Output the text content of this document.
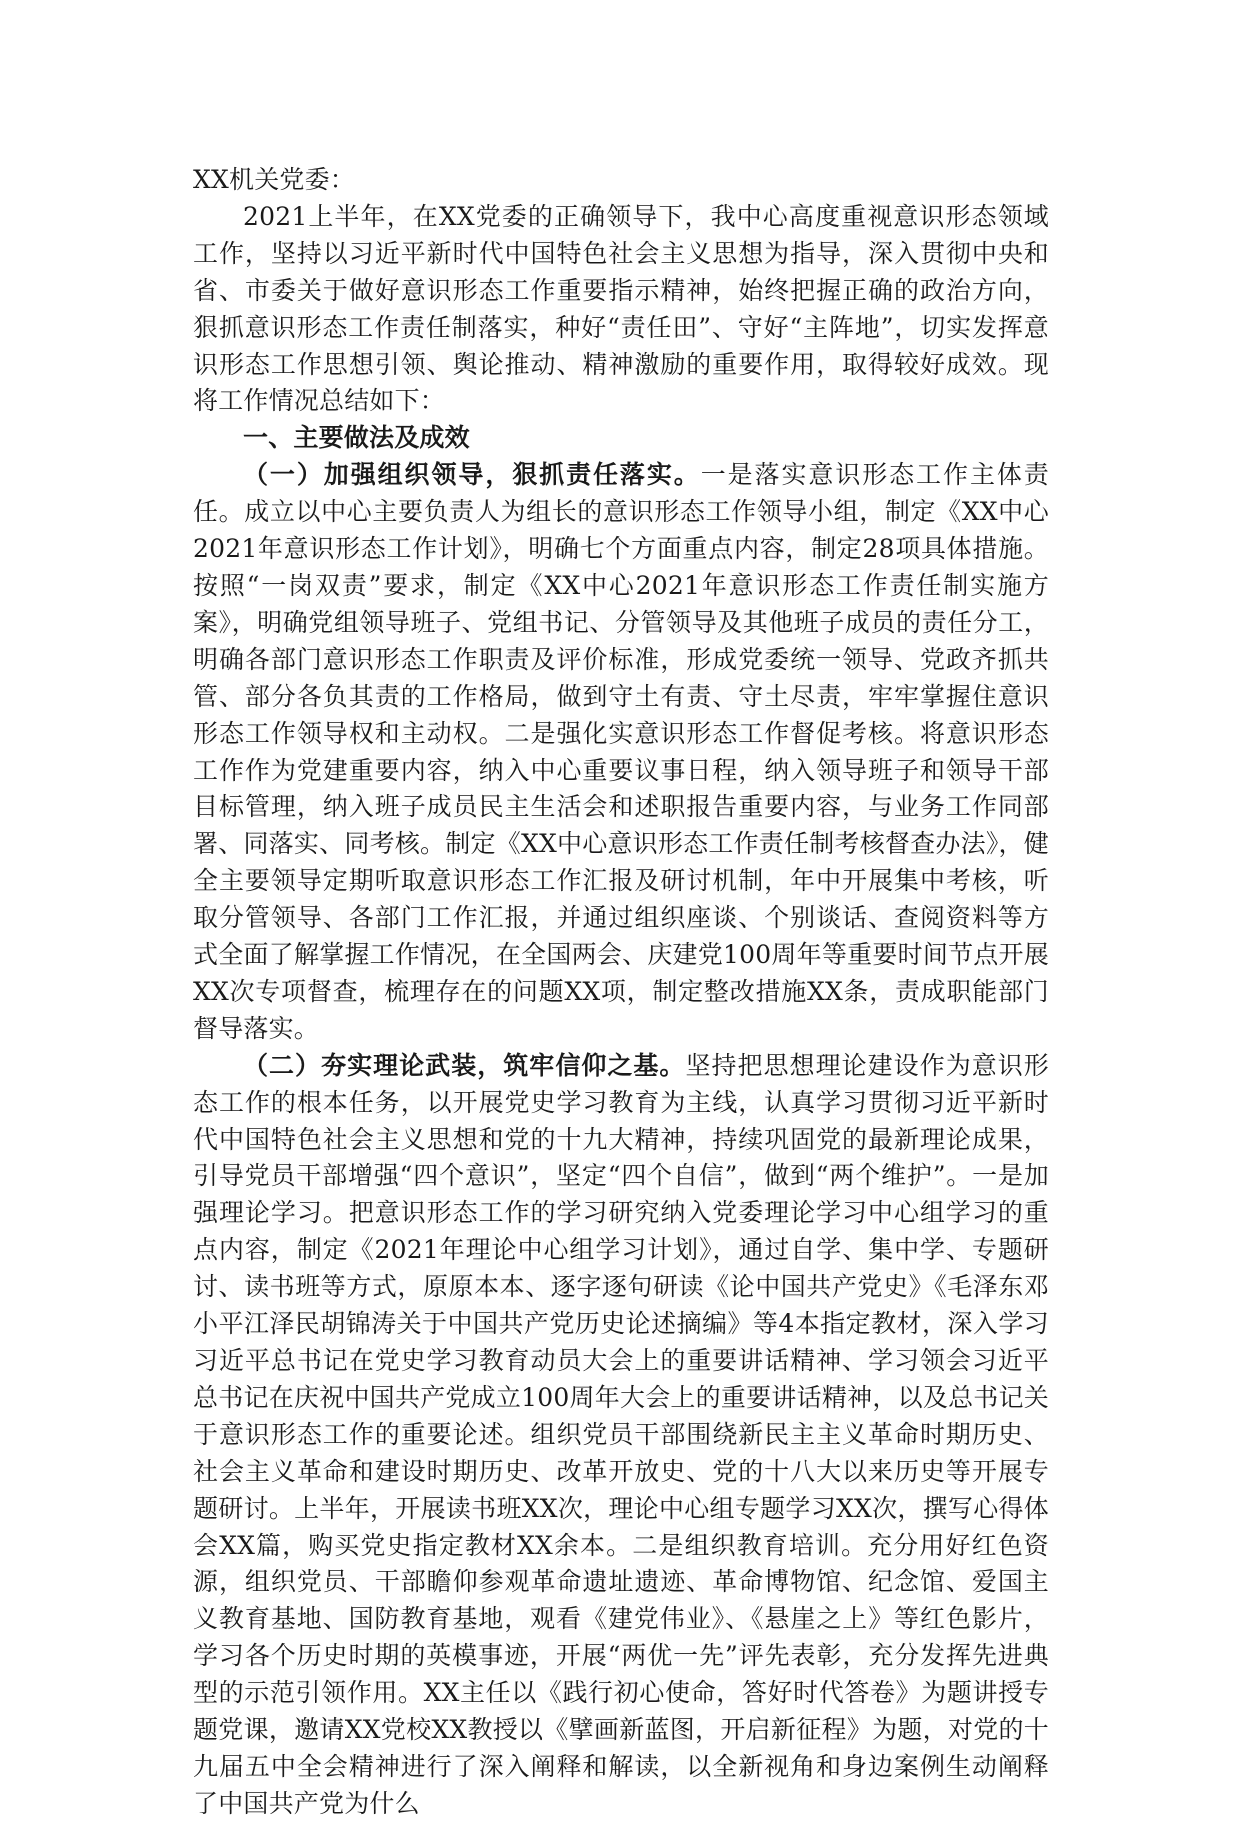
XX机关党委：

2021上半年，在XX党委的正确领导下，我中心高度重视意识形态领域工作，坚持以习近平新时代中国特色社会主义思想为指导，深入贯彻中央和省、市委关于做好意识形态工作重要指示精神，始终把握正确的政治方向，狠抓意识形态工作责任制落实，种好“责任田”、守好“主阵地”，切实发挥意识形态工作思想引领、舆论推动、精神激励的重要作用，取得较好成效。现将工作情况总结如下：

一、主要做法及成效

（一）加强组织领导，狠抓责任落实。一是落实意识形态工作主体责任。成立以中心主要负责人为组长的意识形态工作领导小组，制定《XX中心2021年意识形态工作计划》，明确七个方面重点内容，制定28项具体措施。按照“一岗双责”要求，制定《XX中心2021年意识形态工作责任制实施方案》，明确党组领导班子、党组书记、分管领导及其他班子成员的责任分工，明确各部门意识形态工作职责及评价标准，形成党委统一领导、党政齐抓共管、部分各负其责的工作格局，做到守土有责、守土尽责，牢牢掌握住意识形态工作领导权和主动权。二是强化实意识形态工作督促考核。将意识形态工作作为党建重要内容，纳入中心重要议事日程，纳入领导班子和领导干部目标管理，纳入班子成员民主生活会和述职报告重要内容，与业务工作同部署、同落实、同考核。制定《XX中心意识形态工作责任制考核督查办法》，健全主要领导定期听取意识形态工作汇报及研讨机制，年中开展集中考核，听取分管领导、各部门工作汇报，并通过组织座谈、个别谈话、查阅资料等方式全面了解掌握工作情况，在全国两会、庆建党100周年等重要时间节点开展XX次专项督查，梳理存在的问题XX项，制定整改措施XX条，责成职能部门督导落实。

（二）夯实理论武装，筑牢信仰之基。坚持把思想理论建设作为意识形态工作的根本任务，以开展党史学习教育为主线，认真学习贯彻习近平新时代中国特色社会主义思想和党的十九大精神，持续巩固党的最新理论成果，引导党员干部增强“四个意识”，坚定“四个自信”，做到“两个维护”。一是加强理论学习。把意识形态工作的学习研究纳入党委理论学习中心组学习的重点内容，制定《2021年理论中心组学习计划》，通过自学、集中学、专题研讨、读书班等方式，原原本本、逐字逐句研读《论中国共产党史》《毛泽东邓小平江泽民胡锦涛关于中国共产党历史论述摘编》等4本指定教材，深入学习习近平总书记在党史学习教育动员大会上的重要讲话精神、学习领会习近平总书记在庆祝中国共产党成立100周年大会上的重要讲话精神，以及总书记关于意识形态工作的重要论述。组织党员干部围绕新民主主义革命时期历史、社会主义革命和建设时期历史、改革开放史、党的十八大以来历史等开展专题研讨。上半年，开展读书班XX次，理论中心组专题学习XX次，撰写心得体会XX篇，购买党史指定教材XX余本。二是组织教育培训。充分用好红色资源，组织党员、干部瞻仰参观革命遗址遗迹、革命博物馆、纪念馆、爱国主义教育基地、国防教育基地，观看《建党伟业》、《悬崖之上》等红色影片，学习各个历史时期的英模事迹，开展“两优一先”评先表彰，充分发挥先进典型的示范引领作用。XX主任以《践行初心使命，答好时代答卷》为题讲授专题党课，邀请XX党校XX教授以《擘画新蓝图，开启新征程》为题，对党的十九届五中全会精神进行了深入阐释和解读，以全新视角和身边案例生动阐释了中国共产党为什么
